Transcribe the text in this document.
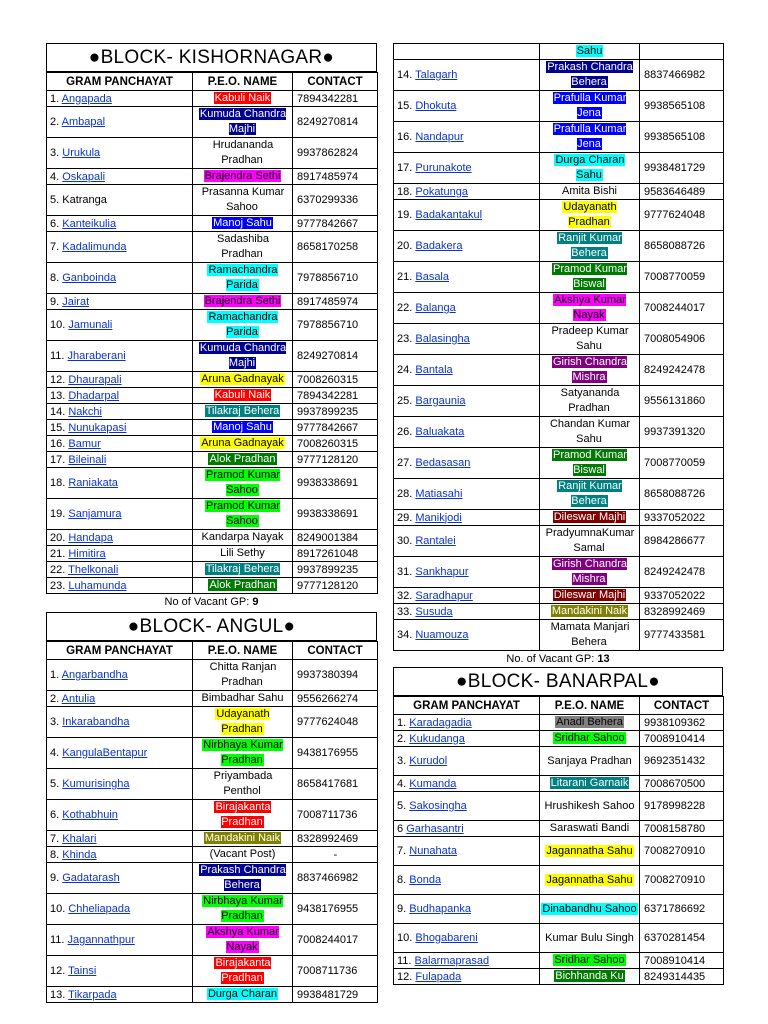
●BLOCK- KISHORNAGAR●
GRAM PANCHAYAT	P.E.O. NAME	CONTACT
1. Angapada	Kabuli Naik	7894342281
2. Ambapal	Kumuda Chandra Majhi	8249270814
3. Urukula	Hrudananda Pradhan	9937862824
4. Oskapali	Brajendra Sethi	8917485974
5. Katranga	Prasanna Kumar Sahoo	6370299336
6. Kanteikulia	Manoj Sahu	9777842667
7. Kadalimunda	Sadashiba Pradhan	8658170258
8. Ganboinda	Ramachandra Parida	7978856710
9. Jairat	Brajendra Sethi	8917485974
10. Jamunali	Ramachandra Parida	7978856710
11. Jharaberani	Kumuda Chandra Majhi	8249270814
12. Dhaurapali	Aruna Gadnayak	7008260315
13. Dhadarpal	Kabuli Naik	7894342281
14. Nakchi	Tilakraj Behera	9937899235
15. Nunukapasi	Manoj Sahu	9777842667
16. Bamur	Aruna Gadnayak	7008260315
17. Bileinali	Alok Pradhan	9777128120
18. Raniakata	Pramod Kumar Sahoo	9938338691
19. Sanjamura	Pramod Kumar Sahoo	9938338691
20. Handapa	Kandarpa Nayak	8249001384
21. Himitira	Lili Sethy	8917261048
22. Thelkonali	Tilakraj Behera	9937899235
23. Luhamunda	Alok Pradhan	9777128120
No of Vacant GP: 9
●BLOCK- ANGUL●
GRAM PANCHAYAT	P.E.O. NAME	CONTACT
1. Angarbandha	Chitta Ranjan Pradhan	9937380394
2. Antulia	Bimbadhar Sahu	9556266274
3. Inkarabandha	Udayanath Pradhan	9777624048
4. KangulaBentapur	Nirbhaya Kumar Pradhan	9438176955
5. Kumurisingha	Priyambada Penthol	8658417681
6. Kothabhuin	Birajakanta Pradhan	7008711736
7. Khalari	Mandakini Naik	8328992469
8. Khinda	(Vacant Post)	-
9. Gadatarash	Prakash Chandra Behera	8837466982
10. Chheliapada	Nirbhaya Kumar Pradhan	9438176955
11. Jagannathpur	Akshya Kumar Nayak	7008244017
12. Tainsi	Birajakanta Pradhan	7008711736
13. Tikarpada	Durga Charan	9938481729
	Sahu	
14. Talagarh	Prakash Chandra Behera	8837466982
15. Dhokuta	Prafulla Kumar Jena	9938565108
16. Nandapur	Prafulla Kumar Jena	9938565108
17. Purunakote	Durga Charan Sahu	9938481729
18. Pokatunga	Amita Bishi	9583646489
19. Badakantakul	Udayanath Pradhan	9777624048
20. Badakera	Ranjit Kumar Behera	8658088726
21. Basala	Pramod Kumar Biswal	7008770059
22. Balanga	Akshya Kumar Nayak	7008244017
23. Balasingha	Pradeep Kumar Sahu	7008054906
24. Bantala	Girish Chandra Mishra	8249242478
25. Bargaunia	Satyananda Pradhan	9556131860
26. Baluakata	Chandan Kumar Sahu	9937391320
27. Bedasasan	Pramod Kumar Biswal	7008770059
28. Matiasahi	Ranjit Kumar Behera	8658088726
29. Manikjodi	Dileswar Majhi	9337052022
30. Rantalei	PradyumnaKumar Samal	8984286677
31. Sankhapur	Girish Chandra Mishra	8249242478
32. Saradhapur	Dileswar Majhi	9337052022
33. Susuda	Mandakini Naik	8328992469
34. Nuamouza	Mamata Manjari Behera	9777433581
No. of Vacant GP: 13
●BLOCK- BANARPAL●
GRAM PANCHAYAT	P.E.O. NAME	CONTACT
1. Karadagadia	Anadi Behera	9938109362
2. Kukudanga	Sridhar Sahoo	7008910414
3. Kurudol	Sanjaya Pradhan	9692351432
4. Kumanda	Litarani Garnaik	7008670500
5. Sakosingha	Hrushikesh Sahoo	9178998228
6 Garhasantri	Saraswati Bandi	7008158780
7. Nunahata	Jagannatha Sahu	7008270910
8. Bonda	Jagannatha Sahu	7008270910
9. Budhapanka	Dinabandhu Sahoo	6371786692
10. Bhogabareni	Kumar Bulu Singh	6370281454
11. Balarmaprasad	Sridhar Sahoo	7008910414
12. Fulapada	Bichhanda Ku	8249314435
